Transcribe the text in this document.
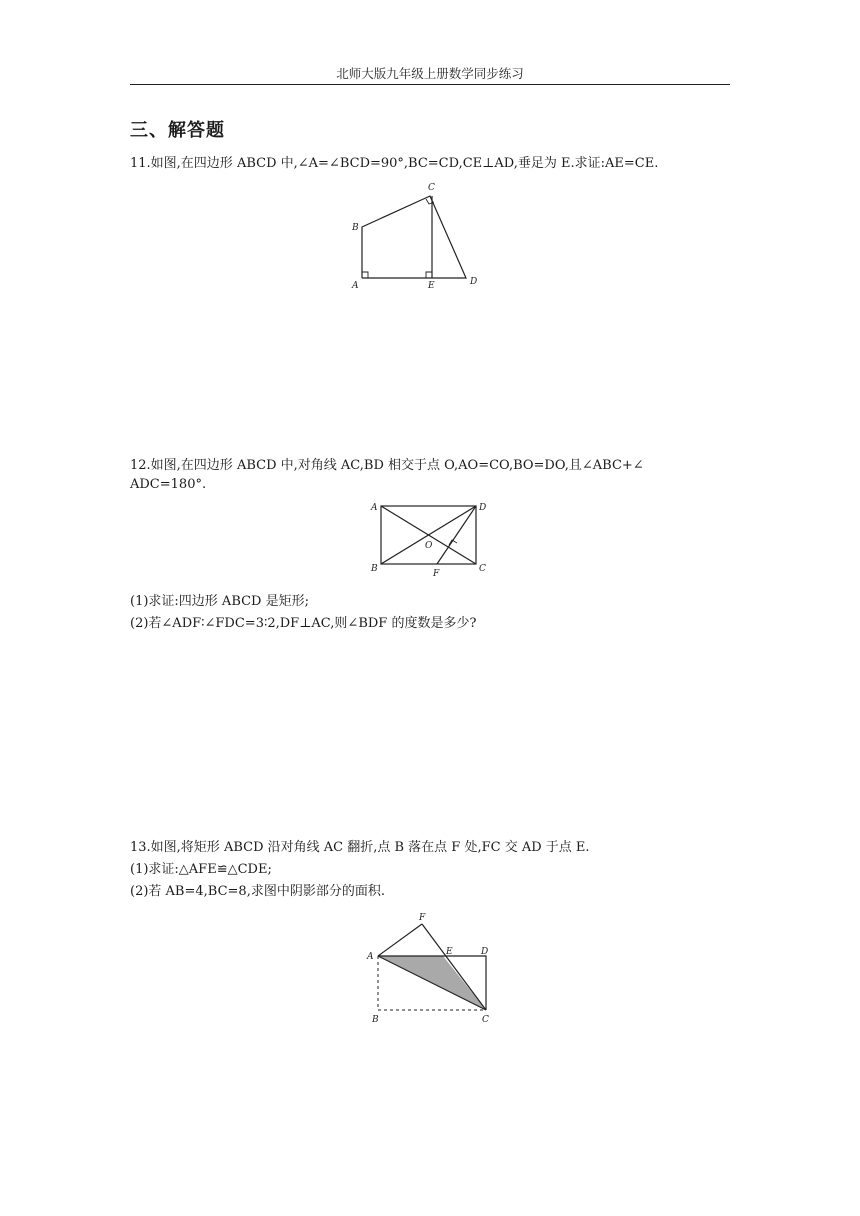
北师大版九年级上册数学同步练习
三、解答题
11.如图,在四边形 ABCD 中,∠A=∠BCD=90°,BC=CD,CE⊥AD,垂足为 E.求证:AE=CE.
C
B
A	E	D
12.如图,在四边形 ABCD 中,对角线 AC,BD 相交于点 O,AO=CO,BO=DO,且∠ABC+∠
ADC=180°.
A	D
O
B	F	C
(1)求证:四边形 ABCD 是矩形;
(2)若∠ADF∶∠FDC=3∶2,DF⊥AC,则∠BDF 的度数是多少?
13.如图,将矩形 ABCD 沿对角线 AC 翻折,点 B 落在点 F 处,FC 交 AD 于点 E.
(1)求证:△AFE≌△CDE;
(2)若 AB=4,BC=8,求图中阴影部分的面积.
F
A	E	D
B	C
